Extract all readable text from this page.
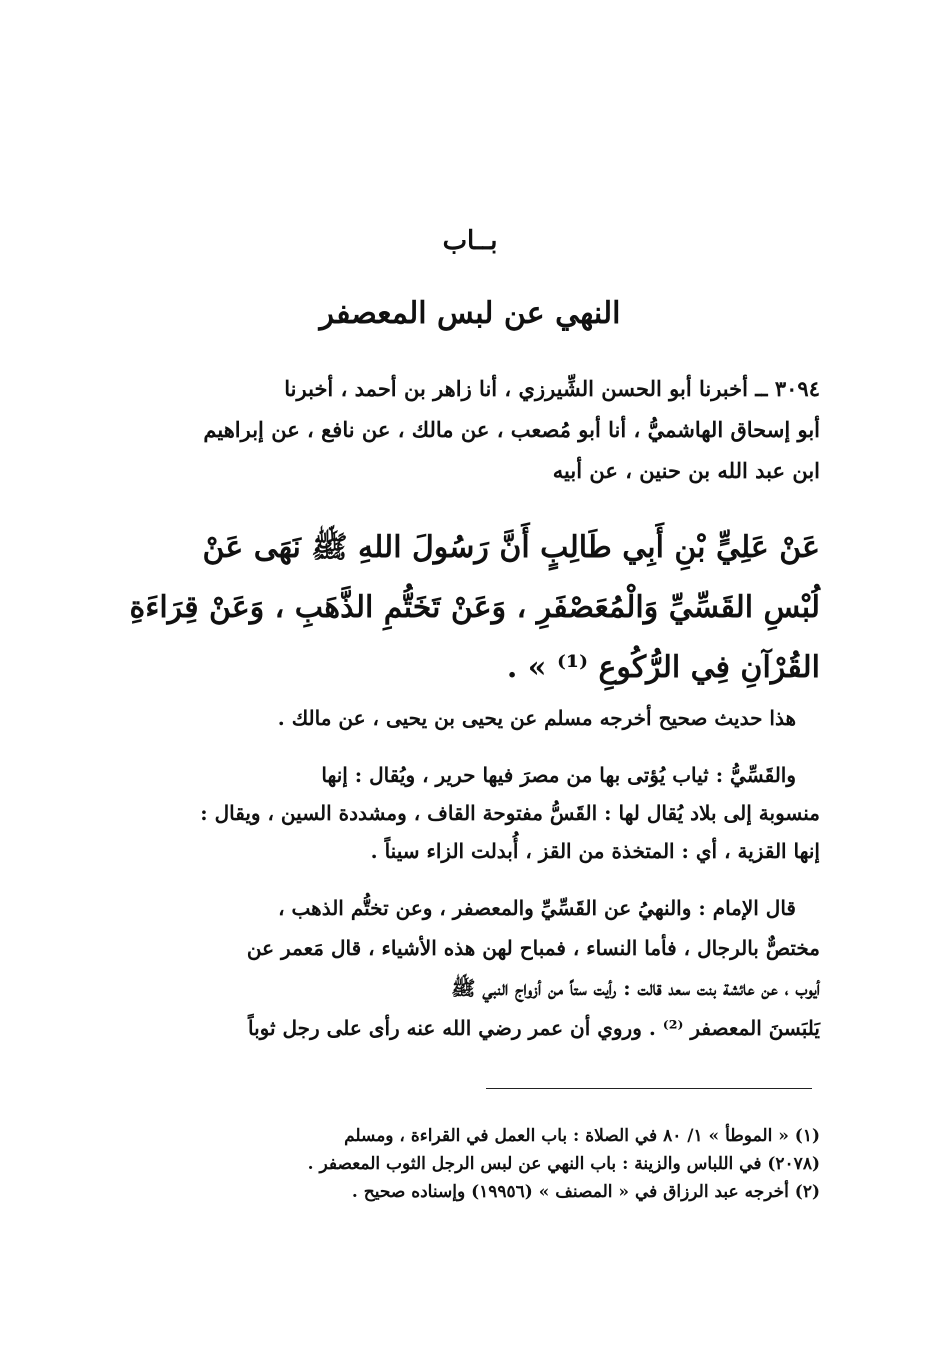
بــاب
النهي عن لبس المعصفر
٣٠٩٤ ــ أخبرنا أبو الحسن الشِّيرزي ، أنا زاهر بن أحمد ، أخبرنا
أبو إسحاق الهاشميُّ ، أنا أبو مُصعب ، عن مالك ، عن نافع ، عن إبراهيم
ابن عبد الله بن حنين ، عن أبيه
عَنْ عَلِيٍّ بْنِ أَبِي طَالِبٍ أَنَّ رَسُولَ اللهِ ﷺ نَهَى عَنْ
لُبْسِ القَسِّيِّ وَالْمُعَصْفَرِ ، وَعَنْ تَخَتُّمِ الذَّهَبِ ، وَعَنْ قِرَاءَةِ
القُرْآنِ فِي الرُّكُوعِ ⁽¹⁾ » .
هذا حديث صحيح أخرجه مسلم عن يحيى بن يحيى ، عن مالك .
والقَسِّيُّ : ثياب يُؤتى بها من مصرَ فيها حرير ، ويُقال : إنها
منسوبة إلى بلاد يُقال لها : القَسُّ مفتوحة القاف ، ومشددة السين ، ويقال :
إنها القزية ، أي : المتخذة من القز ، أُبدلت الزاء سيناً .
قال الإمام : والنهيُ عن القَسِّيِّ والمعصفر ، وعن تختُّم الذهب ،
مختصٌّ بالرجال ، فأما النساء ، فمباح لهن هذه الأشياء ، قال مَعمر عن
أيوب ، عن عائشة بنت سعد قالت : رأيت ستاً من أزواج النبي ﷺ
يَلبَسنَ المعصفر ⁽²⁾ . وروي أن عمر رضي الله عنه رأى على رجل ثوباً
(١) « الموطأ » ١/ ٨٠ في الصلاة : باب العمل في القراءة ، ومسلم
(٢٠٧٨) في اللباس والزينة : باب النهي عن لبس الرجل الثوب المعصفر .
(٢) أخرجه عبد الرزاق في « المصنف » (١٩٩٥٦) وإسناده صحيح .
